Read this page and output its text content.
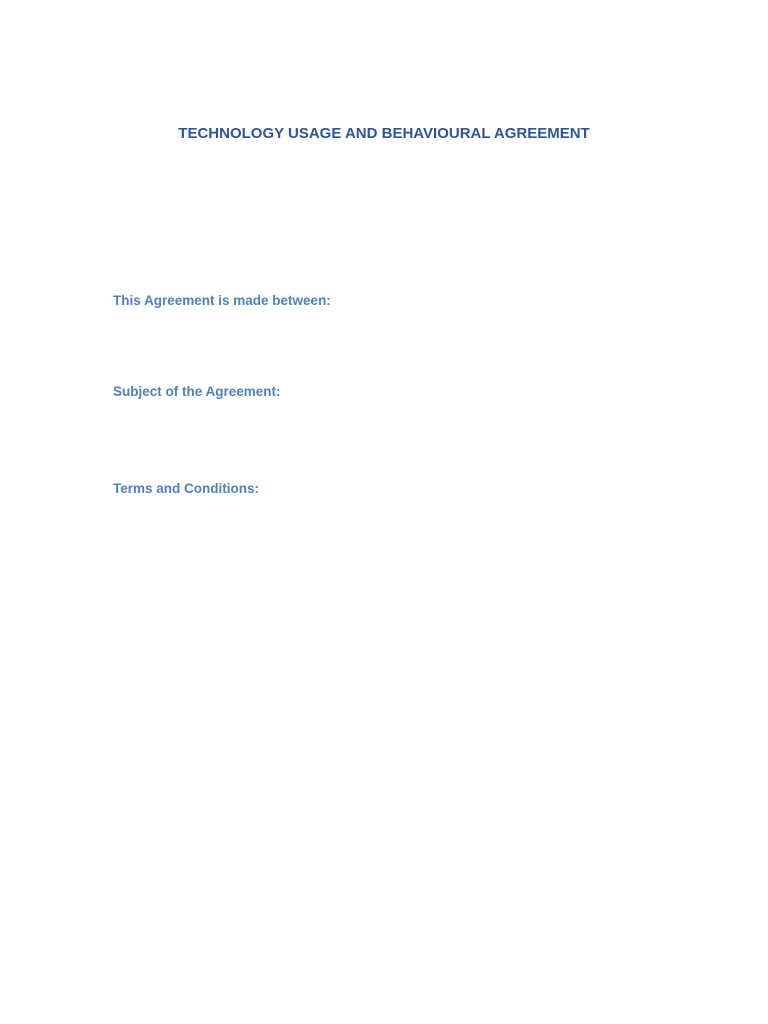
TECHNOLOGY USAGE AND BEHAVIOURAL AGREEMENT
This Agreement is made between:
Subject of the Agreement:
Terms and Conditions:
